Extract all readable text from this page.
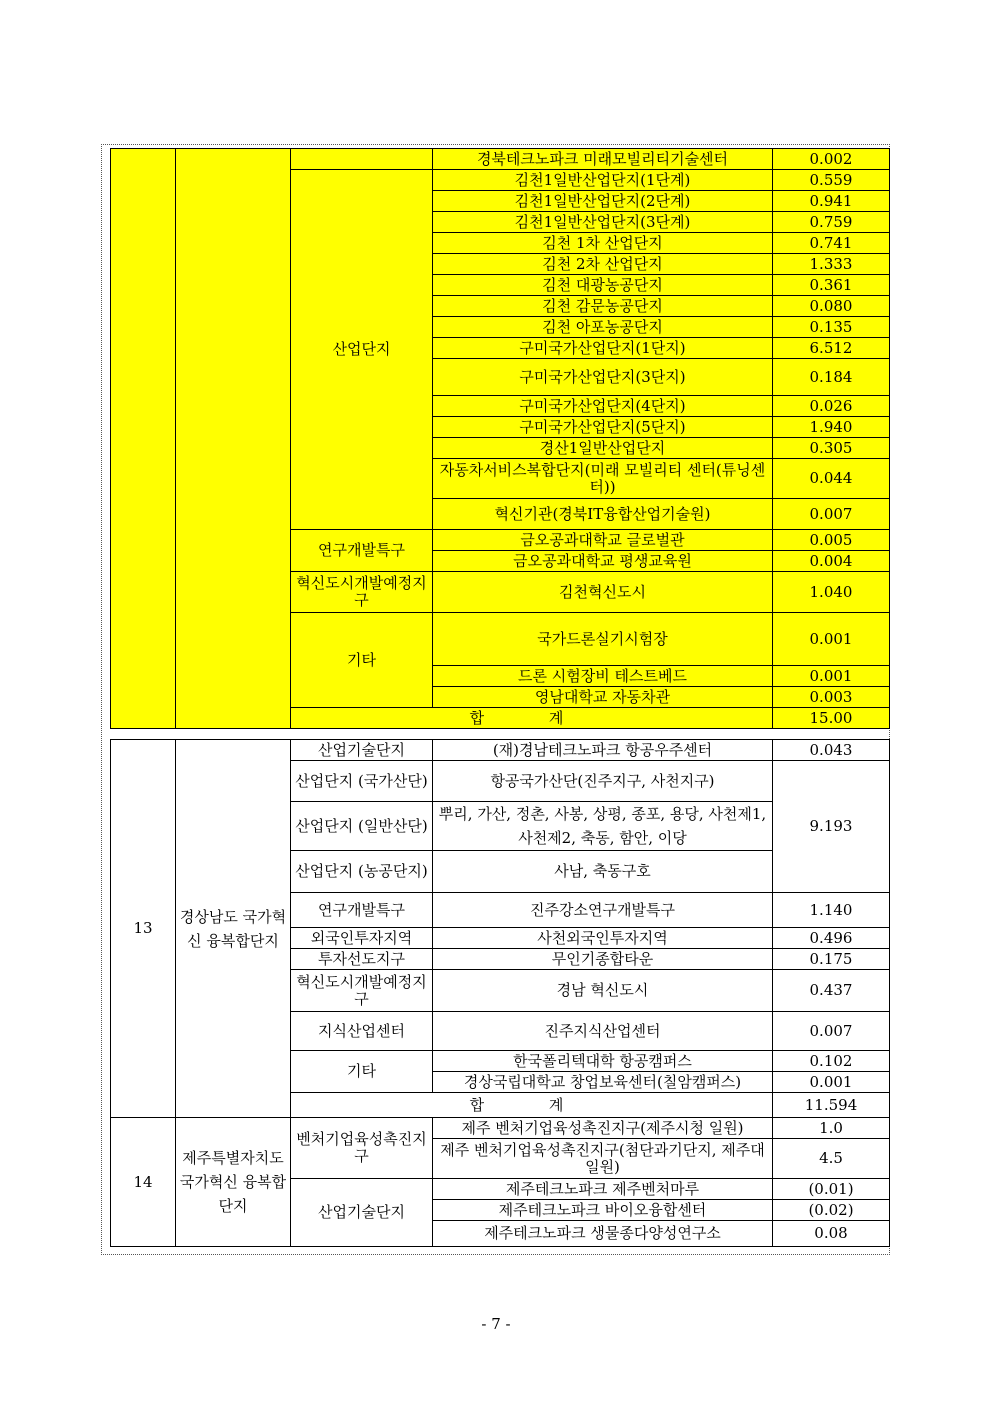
			경북테크노파크 미래모빌리티기술센터	0.002
		산업단지	김천1일반산업단지(1단계)	0.559
			김천1일반산업단지(2단계)	0.941
			김천1일반산업단지(3단계)	0.759
			김천 1차 산업단지	0.741
			김천 2차 산업단지	1.333
			김천 대광농공단지	0.361
			김천 감문농공단지	0.080
			김천 아포농공단지	0.135
			구미국가산업단지(1단지)	6.512
			구미국가산업단지(3단지)	0.184
			구미국가산업단지(4단지)	0.026
			구미국가산업단지(5단지)	1.940
			경산1일반산업단지	0.305
			자동차서비스복합단지(미래 모빌리티 센터(튜닝센터))	0.044
			혁신기관(경북IT융합산업기술원)	0.007
		연구개발특구	금오공과대학교 글로벌관	0.005
			금오공과대학교 평생교육원	0.004
		혁신도시개발예정지구	김천혁신도시	1.040
		기타	국가드론실기시험장	0.001
			드론 시험장비 테스트베드	0.001
			영남대학교 자동차관	0.003
		합 계		15.00
13	경상남도 국가혁신 융복합단지	산업기술단지	(재)경남테크노파크 항공우주센터	0.043
		산업단지 (국가산단)	항공국가산단(진주지구, 사천지구)	9.193
		산업단지 (일반산단)	뿌리, 가산, 정촌, 사봉, 상평, 종포, 용당, 사천제1, 사천제2, 축동, 함안, 이당	
		산업단지 (농공단지)	사남, 축동구호	
		연구개발특구	진주강소연구개발특구	1.140
		외국인투자지역	사천외국인투자지역	0.496
		투자선도지구	무인기종합타운	0.175
		혁신도시개발예정지구	경남 혁신도시	0.437
		지식산업센터	진주지식산업센터	0.007
		기타	한국폴리텍대학 항공캠퍼스	0.102
			경상국립대학교 창업보육센터(칠암캠퍼스)	0.001
		합 계		11.594
14	제주특별자치도 국가혁신 융복합단지	벤처기업육성촉진지구	제주 벤처기업육성촉진지구(제주시청 일원)	1.0
			제주 벤처기업육성촉진지구(첨단과기단지, 제주대 일원)	4.5
		산업기술단지	제주테크노파크 제주벤처마루	(0.01)
			제주테크노파크 바이오융합센터	(0.02)
			제주테크노파크 생물종다양성연구소	0.08
- 7 -
